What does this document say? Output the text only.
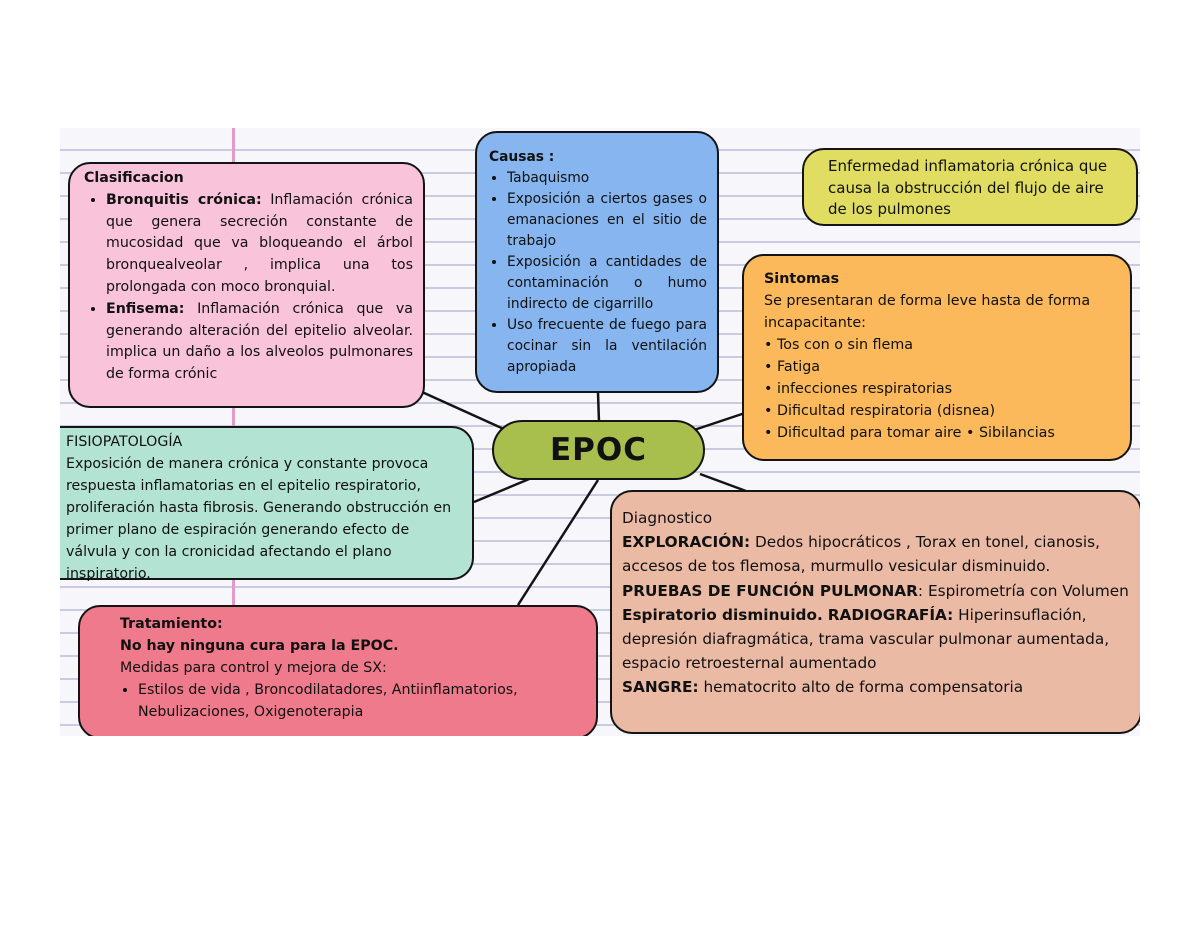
Clasificacion
• Bronquitis crónica: Inflamación crónica que genera secreción constante de mucosidad que va bloqueando el árbol bronquealveolar , implica una tos prolongada con moco bronquial.
• Enfisema: Inflamación crónica que va generando alteración del epitelio alveolar. implica un daño a los alveolos pulmonares de forma crónic
Causas :
• Tabaquismo
• Exposición a ciertos gases o emanaciones en el sitio de trabajo
• Exposición a cantidades de contaminación o humo indirecto de cigarrillo
• Uso frecuente de fuego para cocinar sin la ventilación apropiada
Enfermedad inflamatoria crónica que causa la obstrucción del flujo de aire de los pulmones
Sintomas
Se presentaran de forma leve hasta de forma incapacitante:
• Tos con o sin flema
• Fatiga
• infecciones respiratorias
• Dificultad respiratoria (disnea)
• Dificultad para tomar aire • Sibilancias
FISIOPATOLOGÍA
Exposición de manera crónica y constante provoca respuesta inflamatorias en el epitelio respiratorio, proliferación hasta fibrosis. Generando obstrucción en primer plano de espiración generando efecto de válvula y con la cronicidad afectando el plano inspiratorio.
EPOC
Diagnostico
EXPLORACIÓN: Dedos hipocráticos , Torax en tonel, cianosis, accesos de tos flemosa, murmullo vesicular disminuido.
PRUEBAS DE FUNCIÓN PULMONAR: Espirometría con Volumen
Espiratorio disminuido. RADIOGRAFÍA: Hiperinsuflación, depresión diafragmática, trama vascular pulmonar aumentada, espacio retroesternal aumentado
SANGRE: hematocrito alto de forma compensatoria
Tratamiento:
No hay ninguna cura para la EPOC.
Medidas para control y mejora de SX:
• Estilos de vida , Broncodilatadores, Antiinflamatorios, Nebulizaciones, Oxigenoterapia
